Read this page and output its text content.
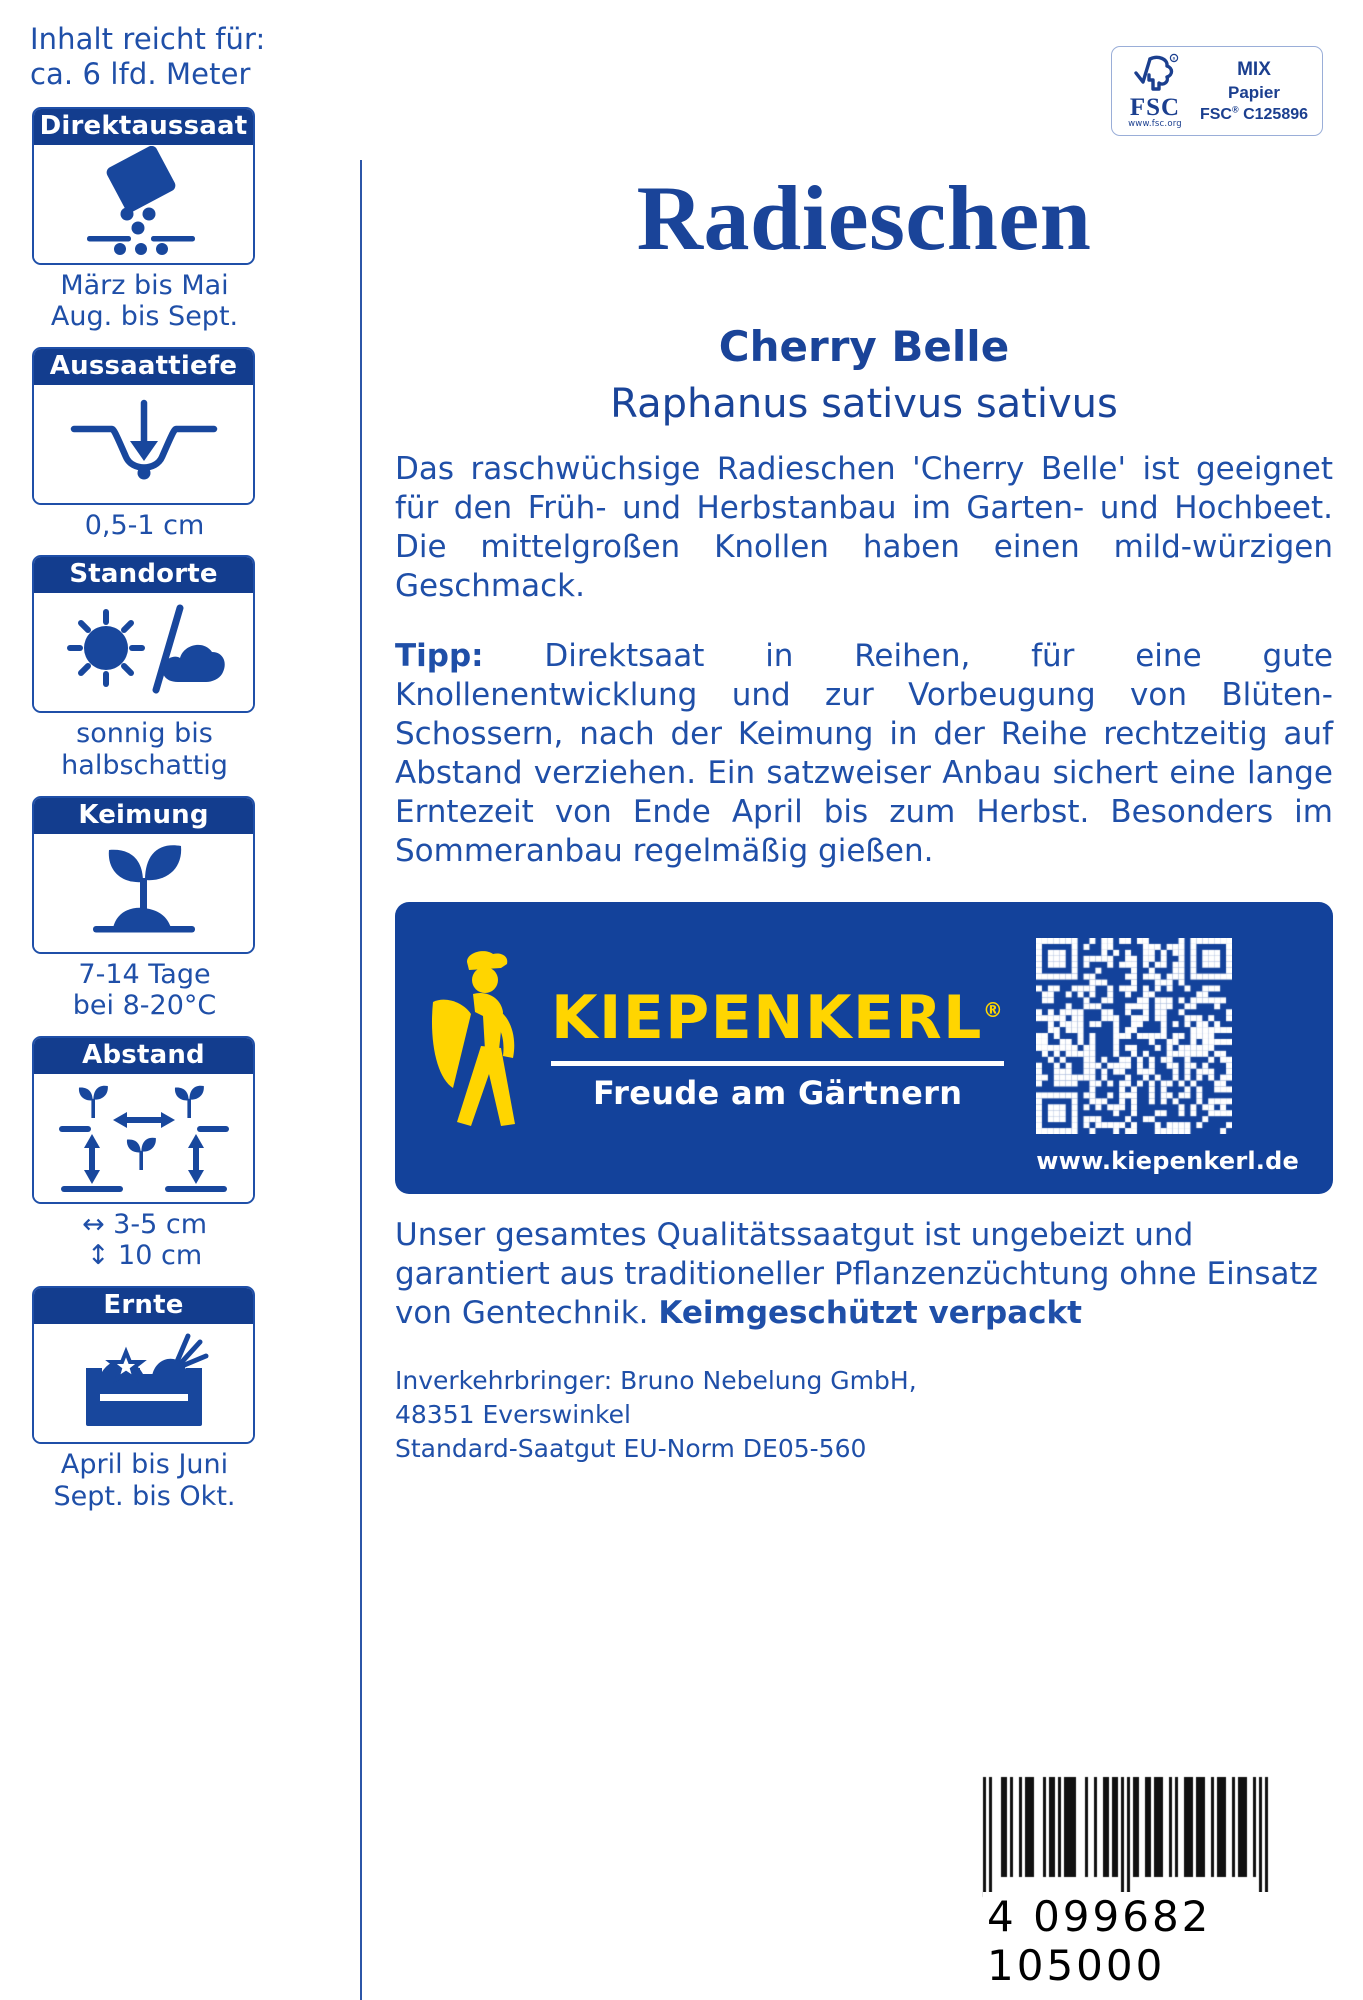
Inhalt reicht für:
ca. 6 lfd. Meter
Direktaussaat
März bis Mai
Aug. bis Sept.
Aussaattiefe
0,5-1 cm
Standorte
sonnig bis
halbschattig
Keimung
7-14 Tage
bei 8-20°C
Abstand
↔ 3-5 cm
↕ 10 cm
Ernte
April bis Juni
Sept. bis Okt.
R
FSC
www.fsc.org
MIX
Papier
FSC® C125896
Radieschen
Cherry Belle
Raphanus sativus sativus

Das raschwüchsige Radieschen 'Cherry Belle' ist geeignet für den Früh- und Herbstanbau im Garten- und Hochbeet. Die mittelgroßen Knollen haben einen mild-würzigen Geschmack.

Tipp: Direktsaat in Reihen, für eine gute Knollenentwicklung und zur Vorbeugung von Blüten-Schossern, nach der Keimung in der Reihe rechtzeitig auf Abstand verziehen. Ein satzweiser Anbau sichert eine lange Erntezeit von Ende April bis zum Herbst. Besonders im Sommeranbau regelmäßig gießen.

KIEPENKERL®
Freude am Gärtnern
www.kiepenkerl.de

Unser gesamtes Qualitätssaatgut ist ungebeizt und garantiert aus traditioneller Pflanzenzüchtung ohne Einsatz von Gentechnik. Keimgeschützt verpackt

Inverkehrbringer: Bruno Nebelung GmbH,
48351 Everswinkel
Standard-Saatgut EU-Norm DE05-560
4 099682 105000
